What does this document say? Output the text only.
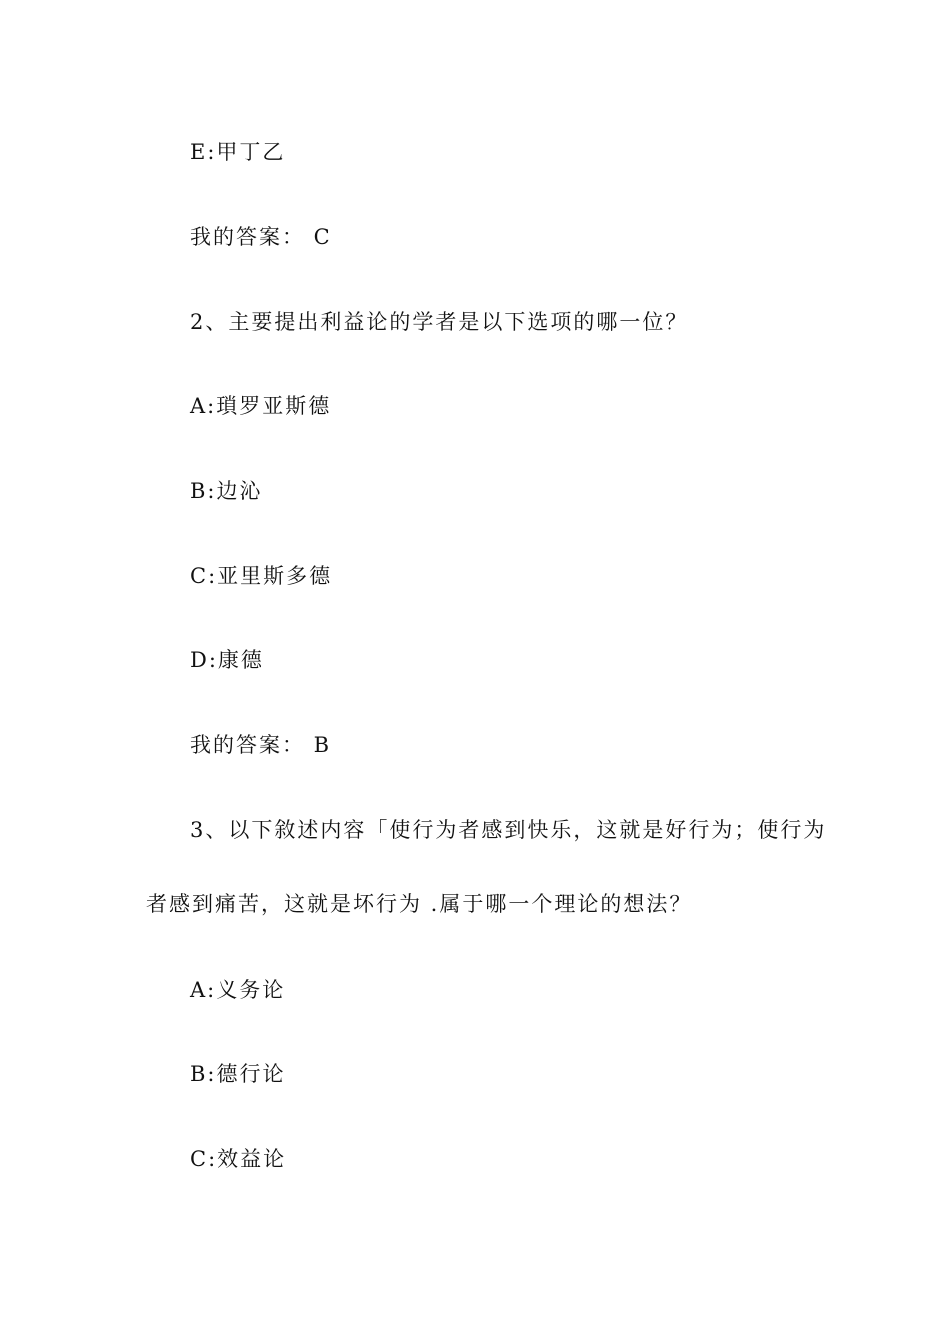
E:甲丁乙
我的答案： C
2、主要提出利益论的学者是以下选项的哪一位？
A:瑣罗亚斯德
B:边沁
C:亚里斯多德
D:康德
我的答案： B
3、以下敘述内容「使行为者感到快乐，这就是好行为；使行为
者感到痛苦，这就是坏行为 .属于哪一个理论的想法？
A:义务论
B:德行论
C:效益论
